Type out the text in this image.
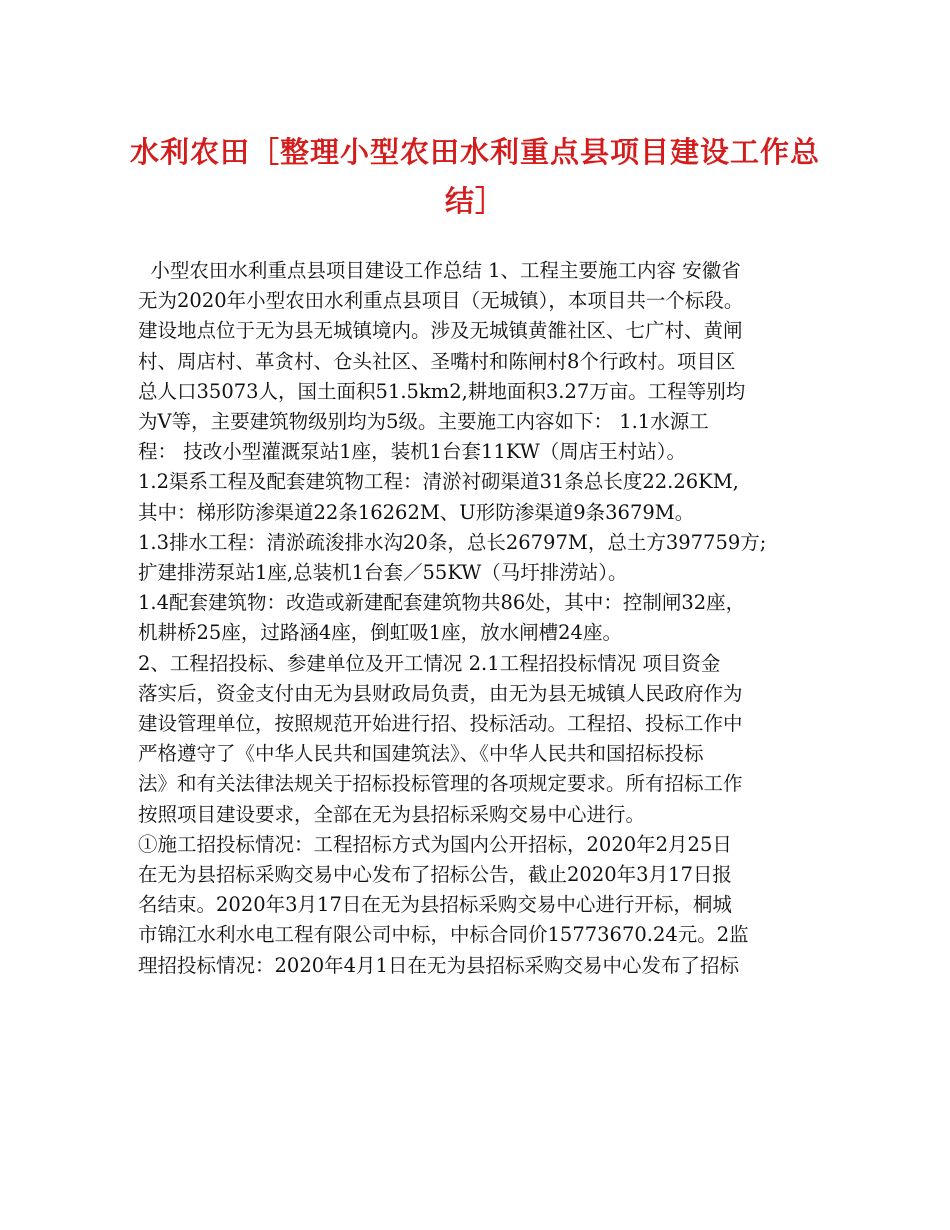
水利农田［整理小型农田水利重点县项目建设工作总
结］
小型农田水利重点县项目建设工作总结 1、工程主要施工内容 安徽省
无为2020年小型农田水利重点县项目（无城镇），本项目共一个标段。
建设地点位于无为县无城镇境内。涉及无城镇黄雒社区、七广村、黄闸
村、周店村、革贪村、仓头社区、圣嘴村和陈闸村8个行政村。项目区
总人口35073人，国土面积51.5km2,耕地面积3.27万亩。工程等别均
为Ⅴ等，主要建筑物级别均为5级。主要施工内容如下： 1.1水源工
程： 技改小型灌溉泵站1座，装机1台套11KW（周店王村站）。
1.2渠系工程及配套建筑物工程：清淤衬砌渠道31条总长度22.26KM,
其中：梯形防渗渠道22条16262M、U形防渗渠道9条3679M。
1.3排水工程：清淤疏浚排水沟20条，总长26797M，总土方397759方;
扩建排涝泵站1座,总装机1台套／55KW（马圩排涝站）。
1.4配套建筑物：改造或新建配套建筑物共86处，其中：控制闸32座，
机耕桥25座，过路涵4座，倒虹吸1座，放水闸槽24座。
2、工程招投标、参建单位及开工情况 2.1工程招投标情况 项目资金
落实后，资金支付由无为县财政局负责，由无为县无城镇人民政府作为
建设管理单位，按照规范开始进行招、投标活动。工程招、投标工作中
严格遵守了《中华人民共和国建筑法》、《中华人民共和国招标投标
法》和有关法律法规关于招标投标管理的各项规定要求。所有招标工作
按照项目建设要求，全部在无为县招标采购交易中心进行。
①施工招投标情况：工程招标方式为国内公开招标，2020年2月25日
在无为县招标采购交易中心发布了招标公告，截止2020年3月17日报
名结束。2020年3月17日在无为县招标采购交易中心进行开标，桐城
市锦江水利水电工程有限公司中标，中标合同价15773670.24元。2监
理招投标情况：2020年4月1日在无为县招标采购交易中心发布了招标
